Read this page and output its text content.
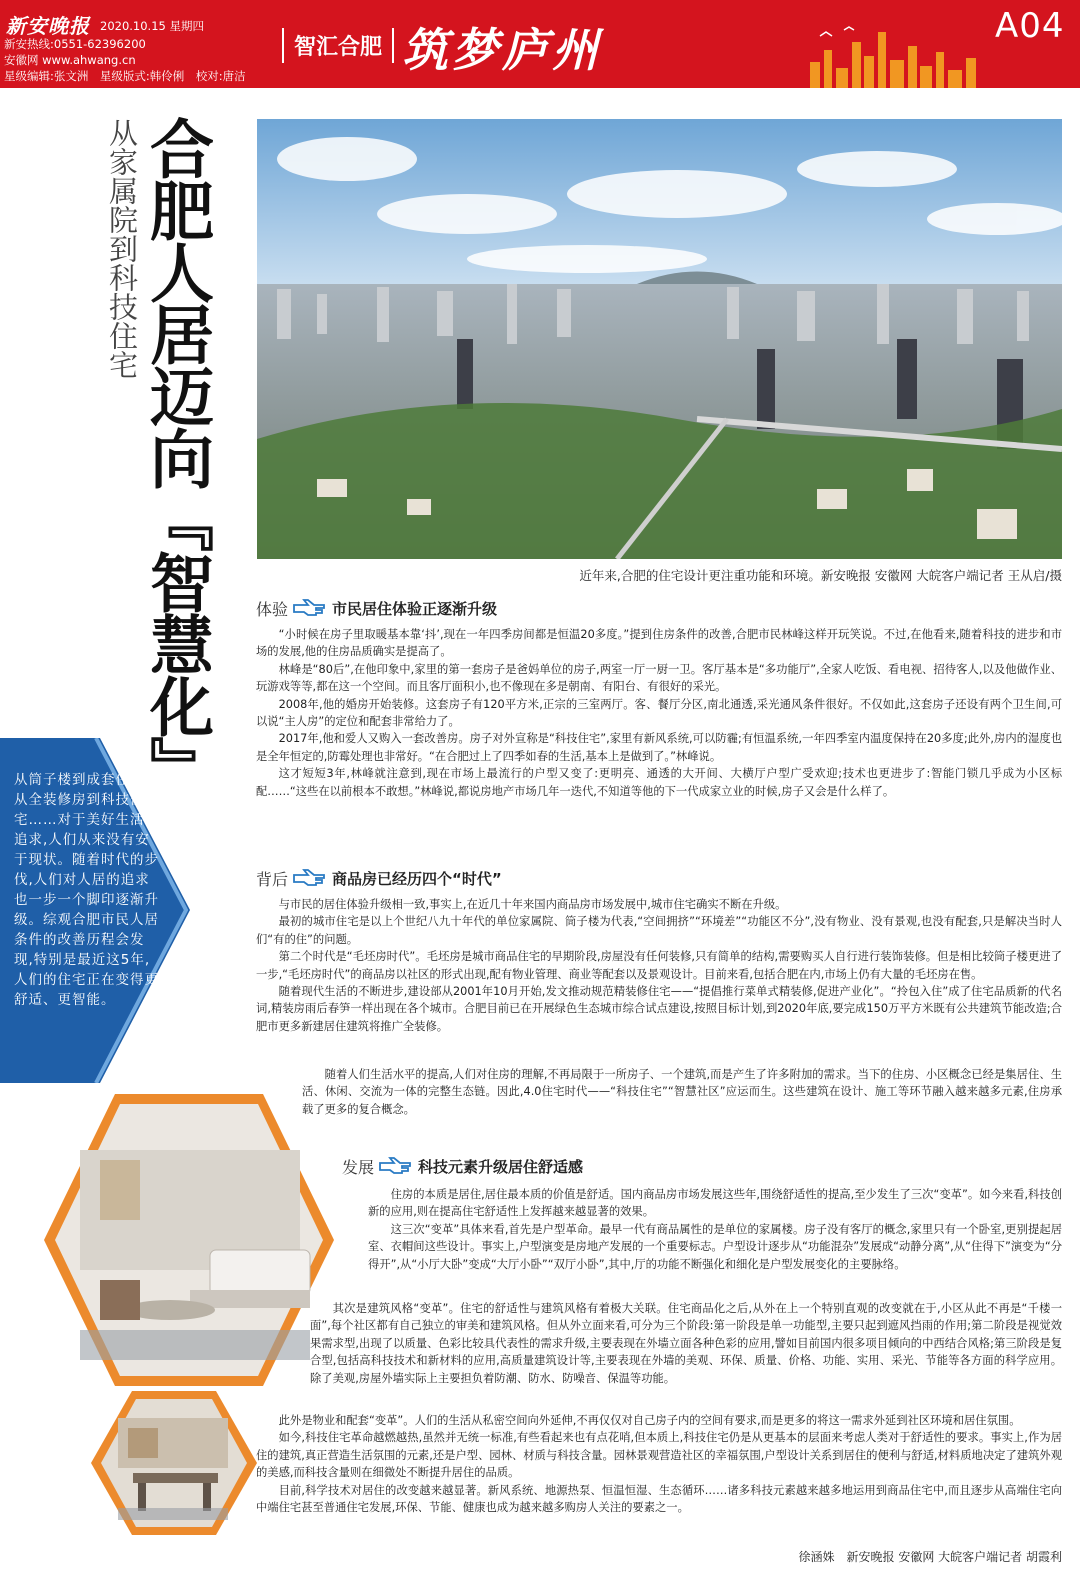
新安晚报 2020.10.15 星期四
新安热线:0551-62396200
安徽网 www.ahwang.cn
星级编辑:张文洲　星级版式:韩伶俐　校对:唐洁
智汇合肥 筑梦庐州	A04
从家属院到科技住宅 合肥人居迈向『智慧化』	近年来,合肥的住宅设计更注重功能和环境。新安晚报 安徽网 大皖客户端记者 王从启/摄
从筒子楼到成套住宅,从全装修房到科技住宅……对于美好生活的追求,人们从来没有安于现状。随着时代的步伐,人们对人居的追求也一步一个脚印逐渐升级。综观合肥市民人居条件的改善历程会发现,特别是最近这5年,人们的住宅正在变得更舒适、更智能。
体验	市民居住体验正逐渐升级

“小时候在房子里取暖基本靠‘抖’,现在一年四季房间都是恒温20多度。”提到住房条件的改善,合肥市民林峰这样开玩笑说。不过,在他看来,随着科技的进步和市场的发展,他的住房品质确实是提高了。

林峰是“80后”,在他印象中,家里的第一套房子是爸妈单位的房子,两室一厅一厨一卫。客厅基本是“多功能厅”,全家人吃饭、看电视、招待客人,以及他做作业、玩游戏等等,都在这一个空间。而且客厅面积小,也不像现在多是朝南、有阳台、有很好的采光。

2008年,他的婚房开始装修。这套房子有120平方米,正宗的三室两厅。客、餐厅分区,南北通透,采光通风条件很好。不仅如此,这套房子还设有两个卫生间,可以说“主人房”的定位和配套非常给力了。

2017年,他和爱人又购入一套改善房。房子对外宣称是“科技住宅”,家里有新风系统,可以防霾;有恒温系统,一年四季室内温度保持在20多度;此外,房内的湿度也是全年恒定的,防霉处理也非常好。“在合肥过上了四季如春的生活,基本上是做到了。”林峰说。

这才短短3年,林峰就注意到,现在市场上最流行的户型又变了:更明亮、通透的大开间、大横厅户型广受欢迎;技术也更进步了:智能门锁几乎成为小区标配……“这些在以前根本不敢想。”林峰说,都说房地产市场几年一迭代,不知道等他的下一代成家立业的时候,房子又会是什么样了。

背后	商品房已经历四个“时代”

与市民的居住体验升级相一致,事实上,在近几十年来国内商品房市场发展中,城市住宅确实不断在升级。

最初的城市住宅是以上个世纪八九十年代的单位家属院、筒子楼为代表,“空间拥挤”“环境差”“功能区不分”,没有物业、没有景观,也没有配套,只是解决当时人们“有的住”的问题。

第二个时代是“毛坯房时代”。毛坯房是城市商品住宅的早期阶段,房屋没有任何装修,只有简单的结构,需要购买人自行进行装饰装修。但是相比较筒子楼更进了一步,“毛坯房时代”的商品房以社区的形式出现,配有物业管理、商业等配套以及景观设计。目前来看,包括合肥在内,市场上仍有大量的毛坯房在售。

随着现代生活的不断进步,建设部从2001年10月开始,发文推动规范精装修住宅——“提倡推行菜单式精装修,促进产业化”。“拎包入住”成了住宅品质新的代名词,精装房雨后春笋一样出现在各个城市。合肥目前已在开展绿色生态城市综合试点建设,按照目标计划,到2020年底,要完成150万平方米既有公共建筑节能改造;合肥市更多新建居住建筑将推广全装修。

随着人们生活水平的提高,人们对住房的理解,不再局限于一所房子、一个建筑,而是产生了许多附加的需求。当下的住房、小区概念已经是集居住、生活、休闲、交流为一体的完整生态链。因此,4.0住宅时代——“科技住宅”“智慧社区”应运而生。这些建筑在设计、施工等环节融入越来越多元素,住房承载了更多的复合概念。

发展	科技元素升级居住舒适感

住房的本质是居住,居住最本质的价值是舒适。国内商品房市场发展这些年,围绕舒适性的提高,至少发生了三次“变革”。如今来看,科技创新的应用,则在提高住宅舒适性上发挥越来越显著的效果。

这三次“变革”具体来看,首先是户型革命。最早一代有商品属性的是单位的家属楼。房子没有客厅的概念,家里只有一个卧室,更别提起居室、衣帽间这些设计。事实上,户型演变是房地产发展的一个重要标志。户型设计逐步从“功能混杂”发展成“动静分离”,从“住得下”演变为“分得开”,从“小厅大卧”变成“大厅小卧”“双厅小卧”,其中,厅的功能不断强化和细化是户型发展变化的主要脉络。

其次是建筑风格“变革”。住宅的舒适性与建筑风格有着极大关联。住宅商品化之后,从外在上一个特别直观的改变就在于,小区从此不再是“千楼一面”,每个社区都有自己独立的审美和建筑风格。但从外立面来看,可分为三个阶段:第一阶段是单一功能型,主要只起到遮风挡雨的作用;第二阶段是视觉效果需求型,出现了以质量、色彩比较具代表性的需求升级,主要表现在外墙立面各种色彩的应用,譬如目前国内很多项目倾向的中西结合风格;第三阶段是复合型,包括高科技技术和新材料的应用,高质量建筑设计等,主要表现在外墙的美观、环保、质量、价格、功能、实用、采光、节能等各方面的科学应用。除了美观,房屋外墙实际上主要担负着防潮、防水、防噪音、保温等功能。

此外是物业和配套“变革”。人们的生活从私密空间向外延伸,不再仅仅对自己房子内的空间有要求,而是更多的将这一需求外延到社区环境和居住氛围。

如今,科技住宅革命越燃越热,虽然并无统一标准,有些看起来也有点花哨,但本质上,科技住宅仍是从更基本的层面来考虑人类对于舒适性的要求。事实上,作为居住的建筑,真正营造生活氛围的元素,还是户型、园林、材质与科技含量。园林景观营造社区的幸福氛围,户型设计关系到居住的便利与舒适,材料质地决定了建筑外观的美感,而科技含量则在细微处不断提升居住的品质。

目前,科学技术对居住的改变越来越显著。新风系统、地源热泵、恒温恒湿、生态循环……诸多科技元素越来越多地运用到商品住宅中,而且逐步从高端住宅向中端住宅甚至普通住宅发展,环保、节能、健康也成为越来越多购房人关注的要素之一。

徐涵姝　新安晚报 安徽网 大皖客户端记者 胡霞利
